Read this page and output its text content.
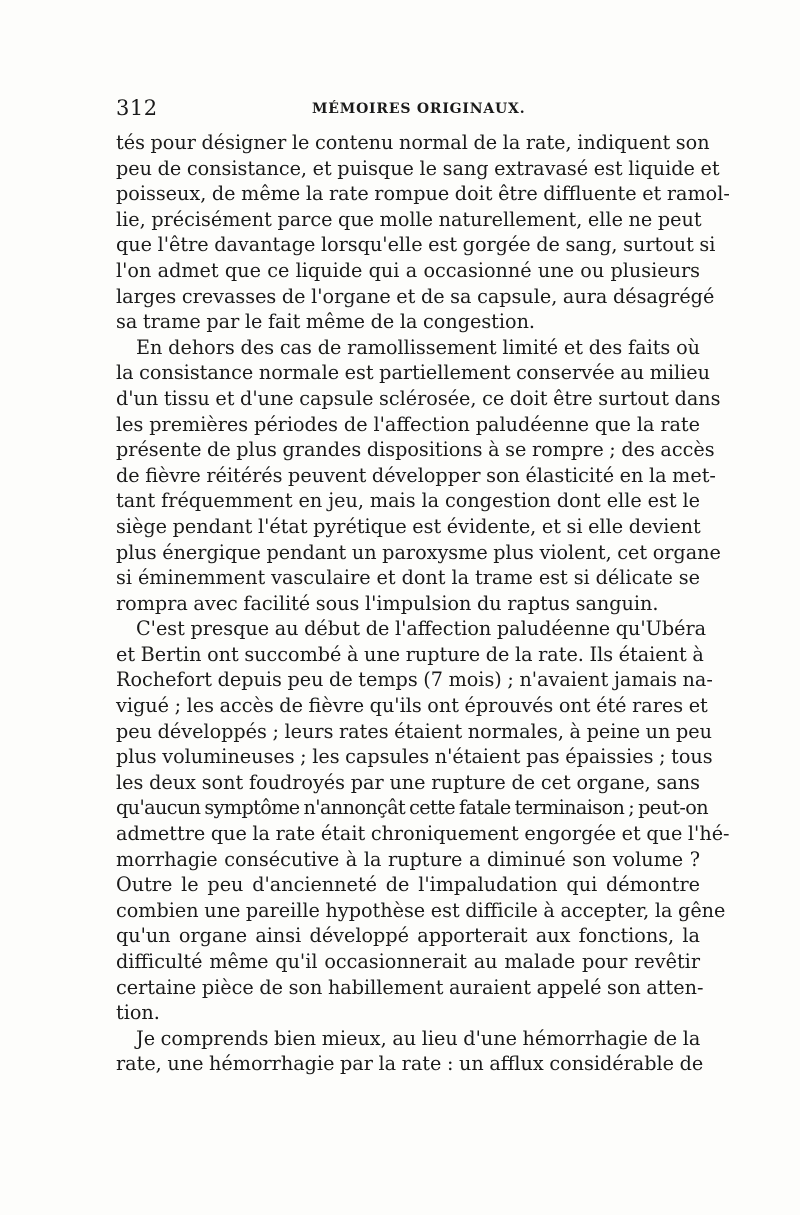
312	MÉMOIRES ORIGINAUX.
tés pour désigner le contenu normal de la rate, indiquent son
peu de consistance, et puisque le sang extravasé est liquide et
poisseux, de même la rate rompue doit être diffluente et ramol-
lie, précisément parce que molle naturellement, elle ne peut
que l'être davantage lorsqu'elle est gorgée de sang, surtout si
l'on admet que ce liquide qui a occasionné une ou plusieurs
larges crevasses de l'organe et de sa capsule, aura désagrégé
sa trame par le fait même de la congestion.
En dehors des cas de ramollissement limité et des faits où
la consistance normale est partiellement conservée au milieu
d'un tissu et d'une capsule sclérosée, ce doit être surtout dans
les premières périodes de l'affection paludéenne que la rate
présente de plus grandes dispositions à se rompre ; des accès
de fièvre réitérés peuvent développer son élasticité en la met-
tant fréquemment en jeu, mais la congestion dont elle est le
siège pendant l'état pyrétique est évidente, et si elle devient
plus énergique pendant un paroxysme plus violent, cet organe
si éminemment vasculaire et dont la trame est si délicate se
rompra avec facilité sous l'impulsion du raptus sanguin.
C'est presque au début de l'affection paludéenne qu'Ubéra
et Bertin ont succombé à une rupture de la rate. Ils étaient à
Rochefort depuis peu de temps (7 mois) ; n'avaient jamais na-
vigué ; les accès de fièvre qu'ils ont éprouvés ont été rares et
peu développés ; leurs rates étaient normales, à peine un peu
plus volumineuses ; les capsules n'étaient pas épaissies ; tous
les deux sont foudroyés par une rupture de cet organe, sans
qu'aucun symptôme n'annonçât cette fatale terminaison ; peut-on
admettre que la rate était chroniquement engorgée et que l'hé-
morrhagie consécutive à la rupture a diminué son volume ?
Outre le peu d'ancienneté de l'impaludation qui démontre
combien une pareille hypothèse est difficile à accepter, la gêne
qu'un organe ainsi développé apporterait aux fonctions, la
difficulté même qu'il occasionnerait au malade pour revêtir
certaine pièce de son habillement auraient appelé son atten-
tion.
Je comprends bien mieux, au lieu d'une hémorrhagie de la
rate, une hémorrhagie par la rate : un afflux considérable de
